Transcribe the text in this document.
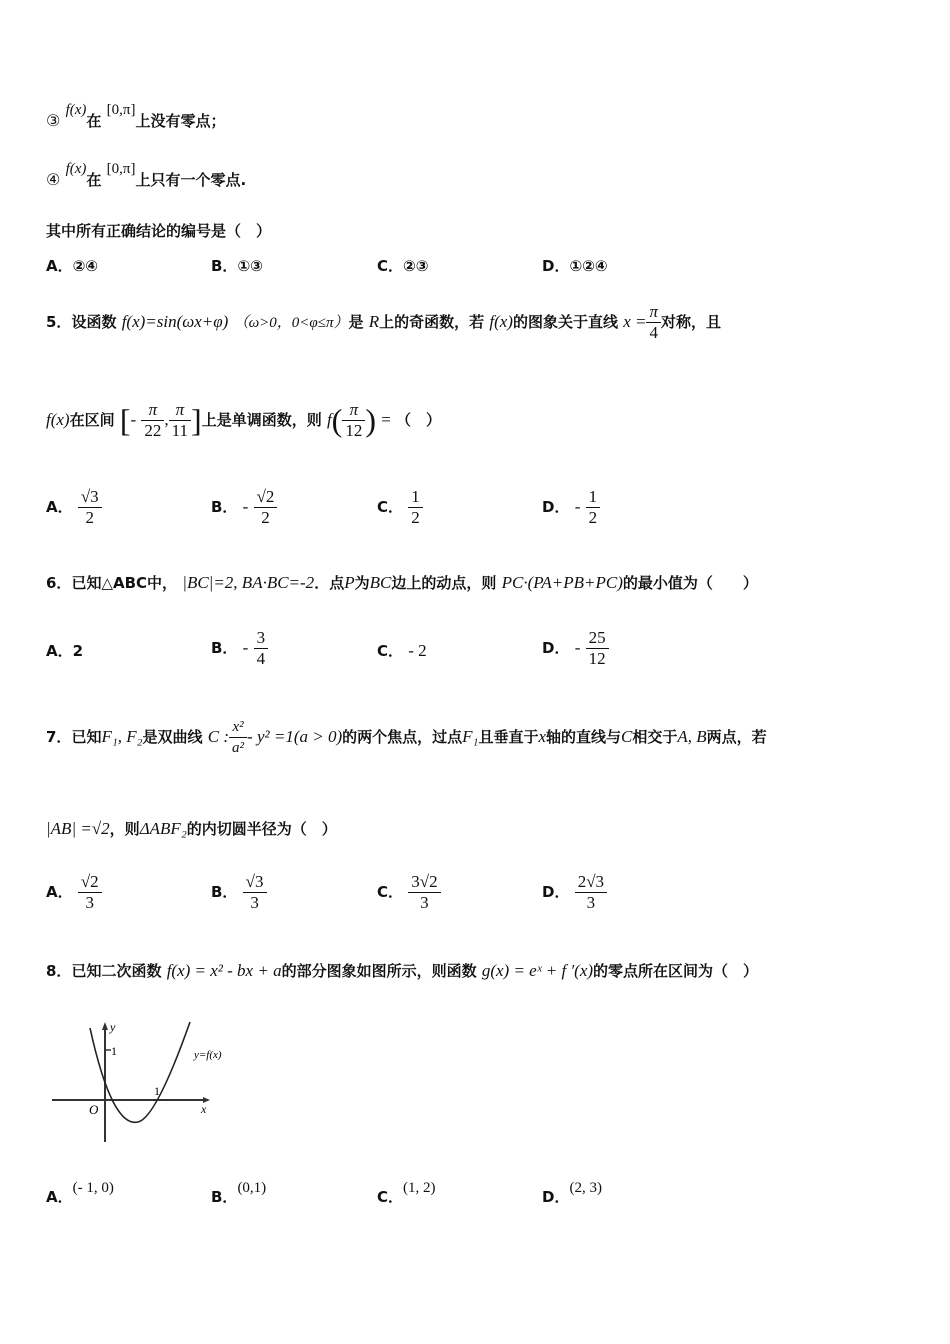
③ f(x)在 [0,π]上没有零点；
④ f(x)在 [0,π]上只有一个零点.
其中所有正确结论的编号是（　）
A．②④	B．①③	C．②③	D．①②④
5．设函数 f(x)=sin(ωx+φ) （ω>0，0<φ≤π）是 R上的奇函数，若 f(x)的图象关于直线 $x = \frac{\pi}{4}$ 对称，且
f(x)在区间 [- $\frac{\pi}{22}$ , $\frac{\pi}{11}$ ]上是单调函数，则 $f( \frac{\pi}{12}$ ) = （　）
A． $\frac{√3}{2}$	B． - $\frac{√2}{2}$	C． $\frac{1}{2}$	D． - $\frac{1}{2}$
6．已知△ABC中， |BC|=2, BA·BC=-2．点P为BC边上的动点，则 PC·(PA+PB+PC)的最小值为（　　）
A．2	B． - $\frac{3}{4}$	C． - 2	D． - $\frac{25}{12}$
7．已知F₁, F₂是双曲线 C : $\frac{\text{x²}}{\text{a²}} - y^2 =1(a > 0)$的两个焦点，过点F₁且垂直于x轴的直线与C相交于A, B两点，若
|AB| =√2，则ΔABF₂的内切圆半径为（　）
A． $\frac{√2}{3}$	B． $\frac{√3}{3}$	C． $\frac{3√2}{3}$	D． $\frac{2√3}{3}$
8．已知二次函数 f(x) = x² - bx + a的部分图象如图所示，则函数 g(x) = eˣ + f ′(x)的零点所在区间为（　）
y
x
O
1
1
y=f(x)
A．(- 1, 0)	B．(0,1)	C．(1, 2)	D．(2, 3)
